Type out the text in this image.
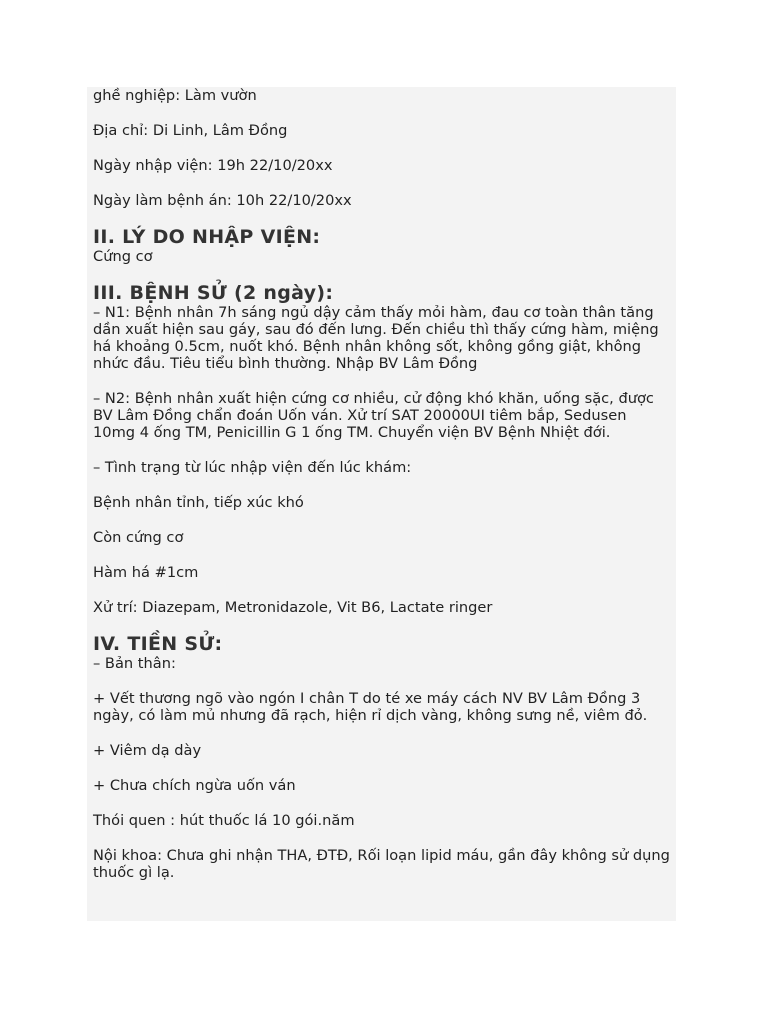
ghề nghiệp: Làm vườn

Địa chỉ: Di Linh, Lâm Đồng

Ngày nhập viện: 19h 22/10/20xx

Ngày làm bệnh án: 10h 22/10/20xx

II. LÝ DO NHẬP VIỆN:

Cứng cơ

III. BỆNH SỬ (2 ngày):

– N1: Bệnh nhân 7h sáng ngủ dậy cảm thấy mỏi hàm, đau cơ toàn thân tăng dần xuất hiện sau gáy, sau đó đến lưng. Đến chiều thì thấy cứng hàm, miệng há khoảng 0.5cm, nuốt khó. Bệnh nhân không sốt, không gồng giật, không nhức đầu. Tiêu tiểu bình thường. Nhập BV Lâm Đồng

– N2: Bệnh nhân xuất hiện cứng cơ nhiều, cử động khó khăn, uống sặc, được BV Lâm Đồng chẩn đoán Uốn ván. Xử trí SAT 20000UI tiêm bắp, Sedusen 10mg 4 ống TM, Penicillin G 1 ống TM. Chuyển viện BV Bệnh Nhiệt đới.

– Tình trạng từ lúc nhập viện đến lúc khám:

Bệnh nhân tỉnh, tiếp xúc khó

Còn cứng cơ

Hàm há #1cm

Xử trí: Diazepam, Metronidazole, Vit B6, Lactate ringer

IV. TIỀN SỬ:

– Bản thân:

+ Vết thương ngõ vào ngón I chân T do té xe máy cách NV BV Lâm Đồng 3 ngày, có làm mủ nhưng đã rạch, hiện rỉ dịch vàng, không sưng nề, viêm đỏ.

+ Viêm dạ dày

+ Chưa chích ngừa uốn ván

Thói quen : hút thuốc lá 10 gói.năm

Nội khoa: Chưa ghi nhận THA, ĐTĐ, Rối loạn lipid máu, gần đây không sử dụng thuốc gì lạ.
